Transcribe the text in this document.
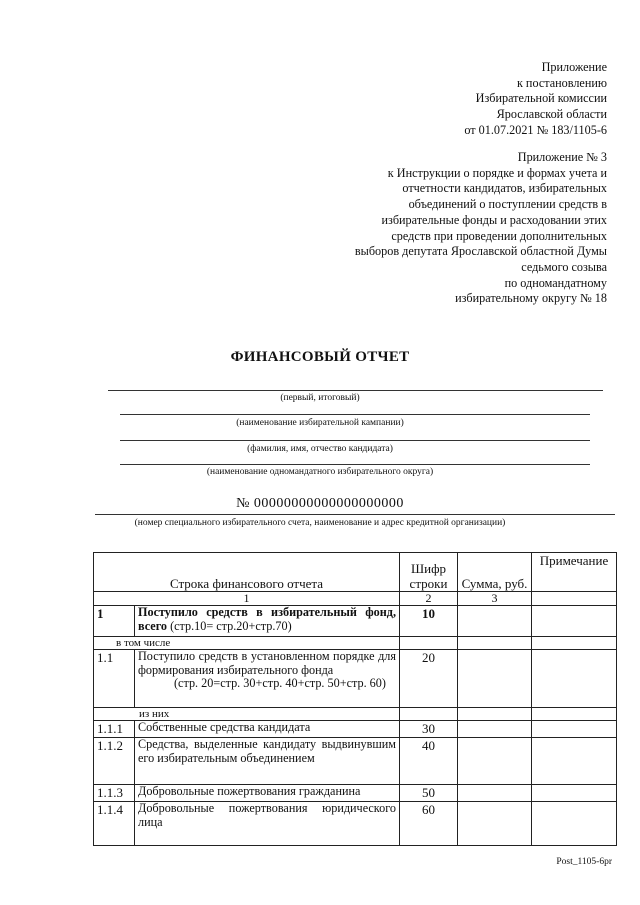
Приложение
к постановлению
Избирательной комиссии
Ярославской области
от 01.07.2021 № 183/1105-6
Приложение № 3
к Инструкции о порядке и формах учета и
отчетности кандидатов, избирательных
объединений о поступлении средств в
избирательные фонды и расходовании этих
средств при проведении дополнительных
выборов депутата Ярославской областной Думы
седьмого созыва
по одномандатному
избирательному округу № 18
ФИНАНСОВЫЙ ОТЧЕТ
(первый, итоговый)
(наименование избирательной кампании)
(фамилия, имя, отчество кандидата)
(наименование одномандатного избирательного округа)
№ 00000000000000000000
(номер специального избирательного счета, наименование и адрес кредитной организации)
Строка финансового отчета		Шифр строки	Сумма, руб.	Примечание
1		2	3	
1	Поступило средств в избирательный фонд, всего (стр.10= стр.20+стр.70)	10		
в том числе				
1.1	Поступило средств в установленном порядке для формирования избирательного фонда
(стр. 20=стр. 30+стр. 40+стр. 50+стр. 60)	20		
из них				
1.1.1	Собственные средства кандидата	30		
1.1.2	Средства, выделенные кандидату выдвинувшим его избирательным объединением	40		
1.1.3	Добровольные пожертвования гражданина	50		
1.1.4	Добровольные пожертвования юридического лица	60		
Post_1105-6pr
